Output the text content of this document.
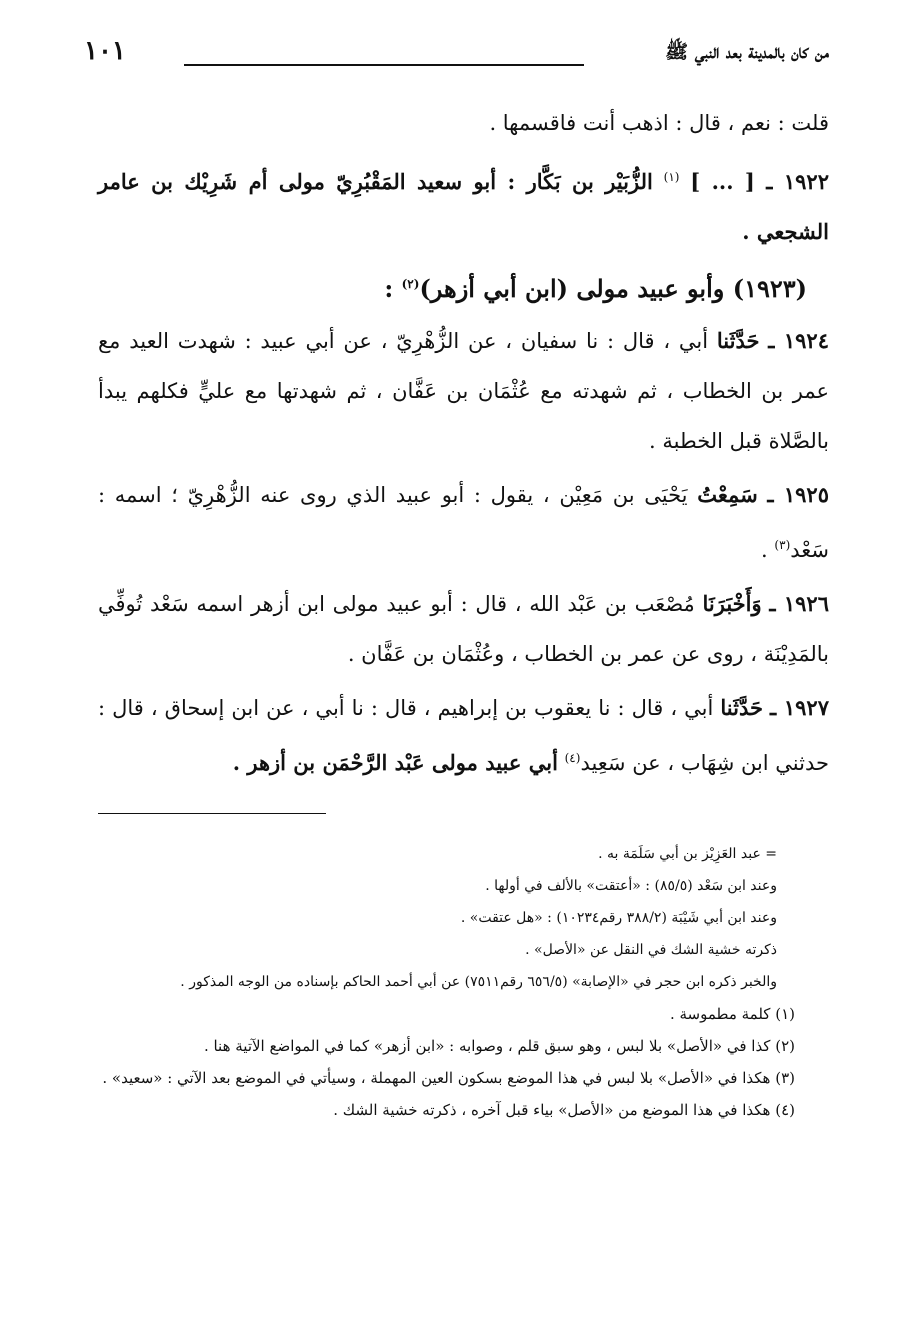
من كان بالمدينة بعد النبي ﷺ
١٠١

قلت : نعم ، قال : اذهب أنت فاقسمها .

١٩٢٢ ـ [ ... ] $^{(١)}$ الزُّبَيْر بن بَكَّار : أبو سعيد المَقْبُرِيّ مولى أم شَرِيْك بن عامر الشجعي .

(١٩٢٣) وأبو عبيد مولى (ابن أبي أزهر)$^{(٢)}$ :

١٩٢٤ ـ حَدَّثَنا أبي ، قال : نا سفيان ، عن الزُّهْرِيّ ، عن أبي عبيد : شهدت العيد مع عمر بن الخطاب ، ثم شهدته مع عُثْمَان بن عَفَّان ، ثم شهدتها مع عليٍّ فكلهم يبدأ بالصَّلاة قبل الخطبة .

١٩٢٥ ـ سَمِعْتُ يَحْيَى بن مَعِيْن ، يقول : أبو عبيد الذي روى عنه الزُّهْرِيّ ؛ اسمه : سَعْد$^{(٣)}$ .

١٩٢٦ ـ وَأَخْبَرَنَا مُصْعَب بن عَبْد الله ، قال : أبو عبيد مولى ابن أزهر اسمه سَعْد تُوفِّي بالمَدِيْنَة ، روى عن عمر بن الخطاب ، وعُثْمَان بن عَفَّان .

١٩٢٧ ـ حَدَّثَنا أبي ، قال : نا يعقوب بن إبراهيم ، قال : نا أبي ، عن ابن إسحاق ، قال : حدثني ابن شِهَاب ، عن سَعِيد$^{(٤)}$ أبي عبيد مولى عَبْد الرَّحْمَن بن أزهر .

= عبد العَزِيْز بن أبي سَلَمَة به .

وعند ابن سَعْد (٨٥/٥) : «أعتقت» بالألف في أولها .

وعند ابن أبي شَيْبَة (٣٨٨/٢ رقم١٠٢٣٤) : «هل عتقت» .

ذكرته خشية الشك في النقل عن «الأصل» .

والخبر ذكره ابن حجر في «الإصابة» (٦٥٦/٥ رقم٧٥١١) عن أبي أحمد الحاكم بإسناده من الوجه المذكور .

(١) كلمة مطموسة .

(٢) كذا في «الأصل» بلا لبس ، وهو سبق قلم ، وصوابه : «ابن أزهر» كما في المواضع الآتية هنا .

(٣) هكذا في «الأصل» بلا لبس في هذا الموضع بسكون العين المهملة ، وسيأتي في الموضع بعد الآتي : «سعيد» .

(٤) هكذا في هذا الموضع من «الأصل» بياء قبل آخره ، ذكرته خشية الشك .
